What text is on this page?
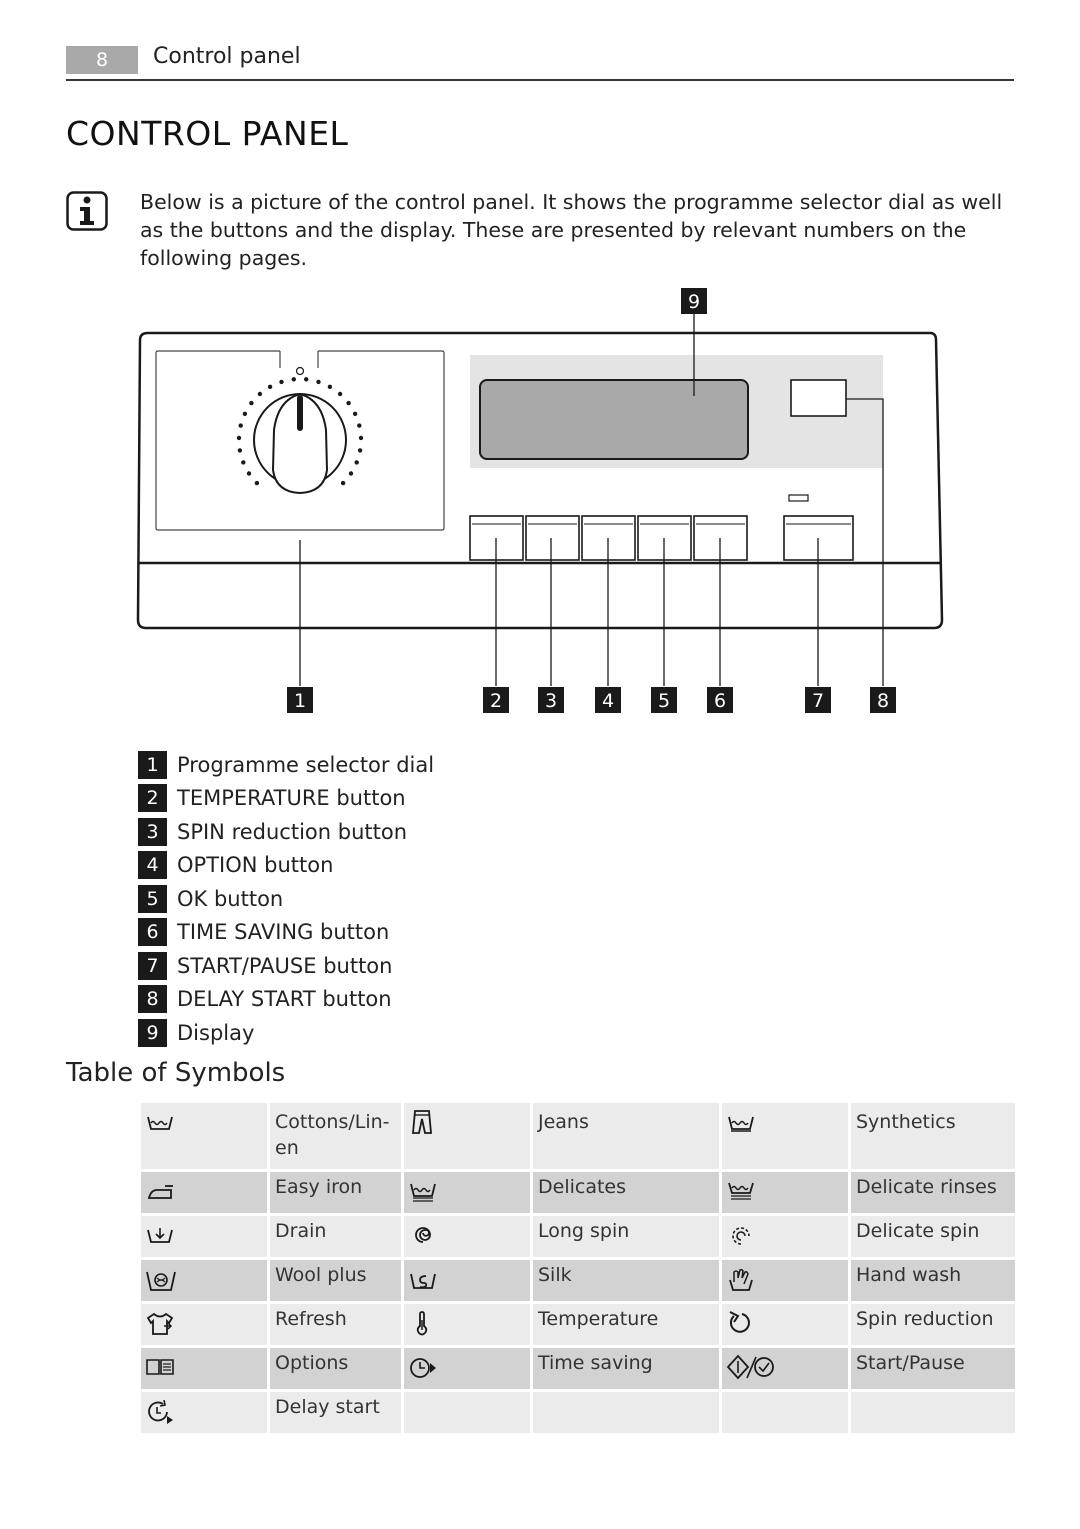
8	Control panel
CONTROL PANEL
Below is a picture of the control panel. It shows the programme selector dial as well as the buttons and the display. These are presented by relevant numbers on the following pages.
1	2 3 4 5 6	7	8
9
1 Programme selector dial
2 TEMPERATURE button
3 SPIN reduction button
4 OPTION button
5 OK button
6 TIME SAVING button
7 START/PAUSE button
8 DELAY START button
9 Display
Table of Symbols

Cottons/Lin-
en		Jeans		Synthetics

Easy iron		Delicates		Delicate rinses

Drain		Long spin		Delicate spin

Wool plus		Silk		Hand wash

Refresh		Temperature		Spin reduction

Options		Time saving		Start/Pause

Delay start				
